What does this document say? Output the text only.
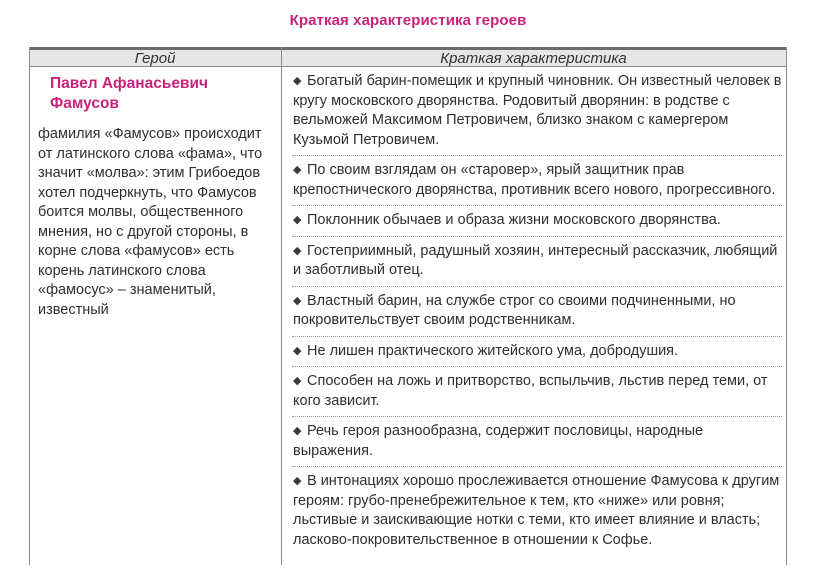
Краткая характеристика героев
Герой	Краткая характеристика
Павел Афанасьевич Фамусов
фамилия «Фамусов» происходит от латинского слова «фама», что значит «молва»: этим Грибоедов хотел подчеркнуть, что Фамусов боится молвы, общественного мнения, но с другой стороны, в корне слова «фамусов» есть корень латинского слова «фамосус» – знаменитый, известный
◆ Богатый барин-помещик и крупный чиновник. Он известный человек в кругу московского дворянства. Родовитый дворянин: в родстве с вельможей Максимом Петровичем, близко знаком с камергером Кузьмой Петровичем.
◆ По своим взглядам он «старовер», ярый защитник прав крепостнического дворянства, противник всего нового, прогрессивного.
◆ Поклонник обычаев и образа жизни московского дворянства.
◆ Гостеприимный, радушный хозяин, интересный рассказчик, любящий и заботливый отец.
◆ Властный барин, на службе строг со своими подчиненными, но покровительствует своим родственникам.
◆ Не лишен практического житейского ума, добродушия.
◆ Способен на ложь и притворство, вспыльчив, льстив перед теми, от кого зависит.
◆ Речь героя разнообразна, содержит пословицы, народные выражения.
◆ В интонациях хорошо прослеживается отношение Фамусова к другим героям: грубо-пренебрежительное к тем, кто «ниже» или ровня; льстивые и заискивающие нотки с теми, кто имеет влияние и власть; ласково-покровительственное в отношении к Софье.
